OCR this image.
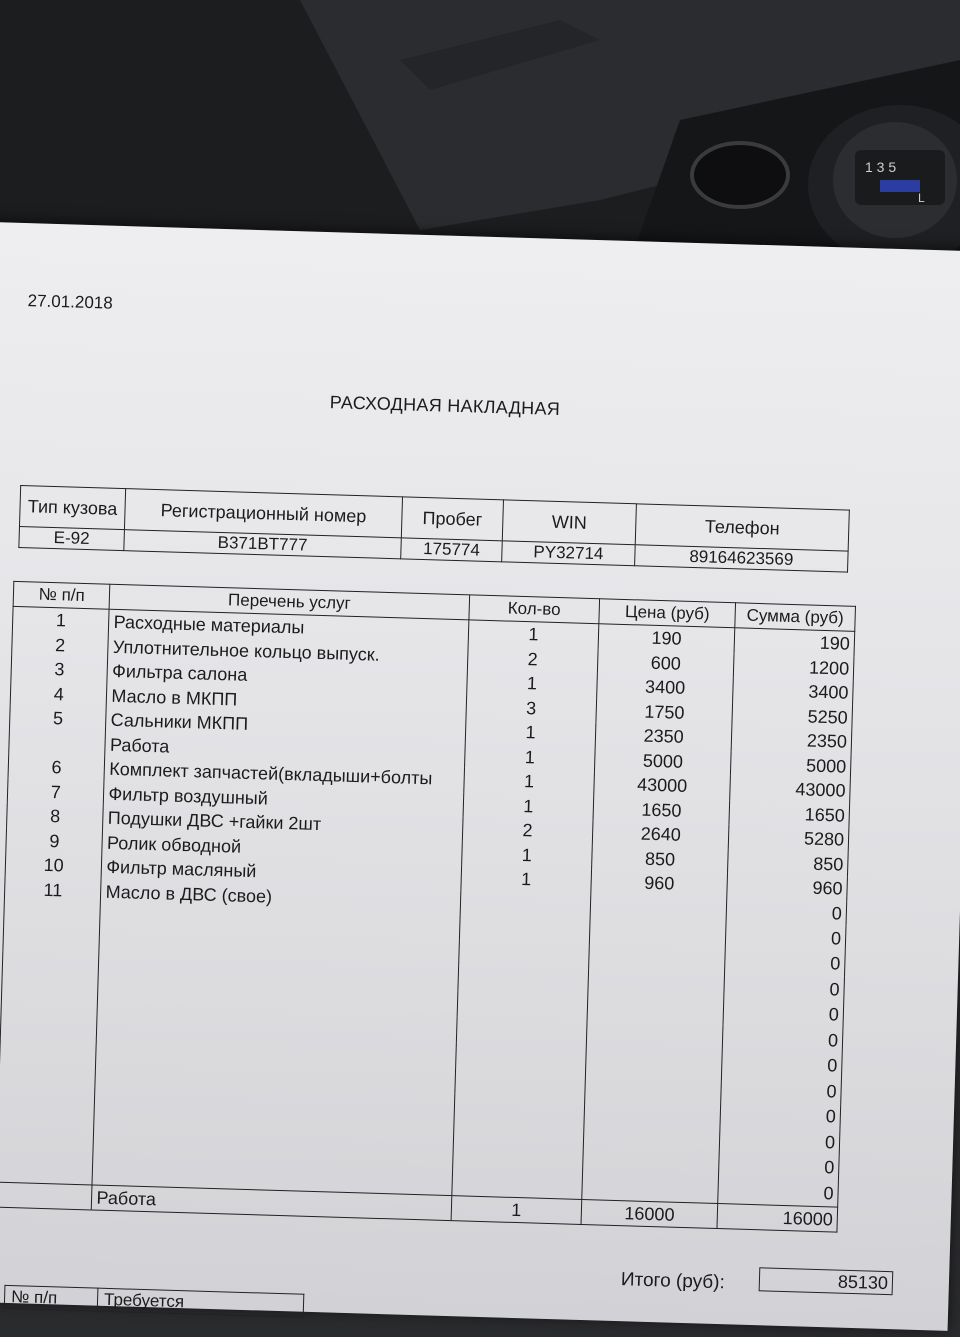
1 3 5
L
27.01.2018
РАСХОДНАЯ НАКЛАДНАЯ
Тип кузова	Регистрационный номер	Пробег	WIN	Телефон
E-92	B371BT777	175774	PY32714	89164623569
№ п/п	Перечень услуг	Кол-во	Цена (руб)	Сумма (руб)
1	Расходные материалы	1	190	190
2	Уплотнительное кольцо выпуск.	2	600	1200
3	Фильтра салона	1	3400	3400
4	Масло в МКПП	3	1750	5250
5	Сальники МКПП	1	2350	2350
	Работа	1	5000	5000
6	Комплект запчастей(вкладыши+болты	1	43000	43000
7	Фильтр воздушный	1	1650	1650
8	Подушки ДВС +гайки 2шт	2	2640	5280
9	Ролик обводной	1	850	850
10	Фильтр масляный	1	960	960
11	Масло в ДВС (свое)			0
				0
				0
				0
				0
				0
				0
				0
				0
				0
				0
				0
	Работа	1	16000	16000
Итого (руб):	85130
№ п/п	Требуется
